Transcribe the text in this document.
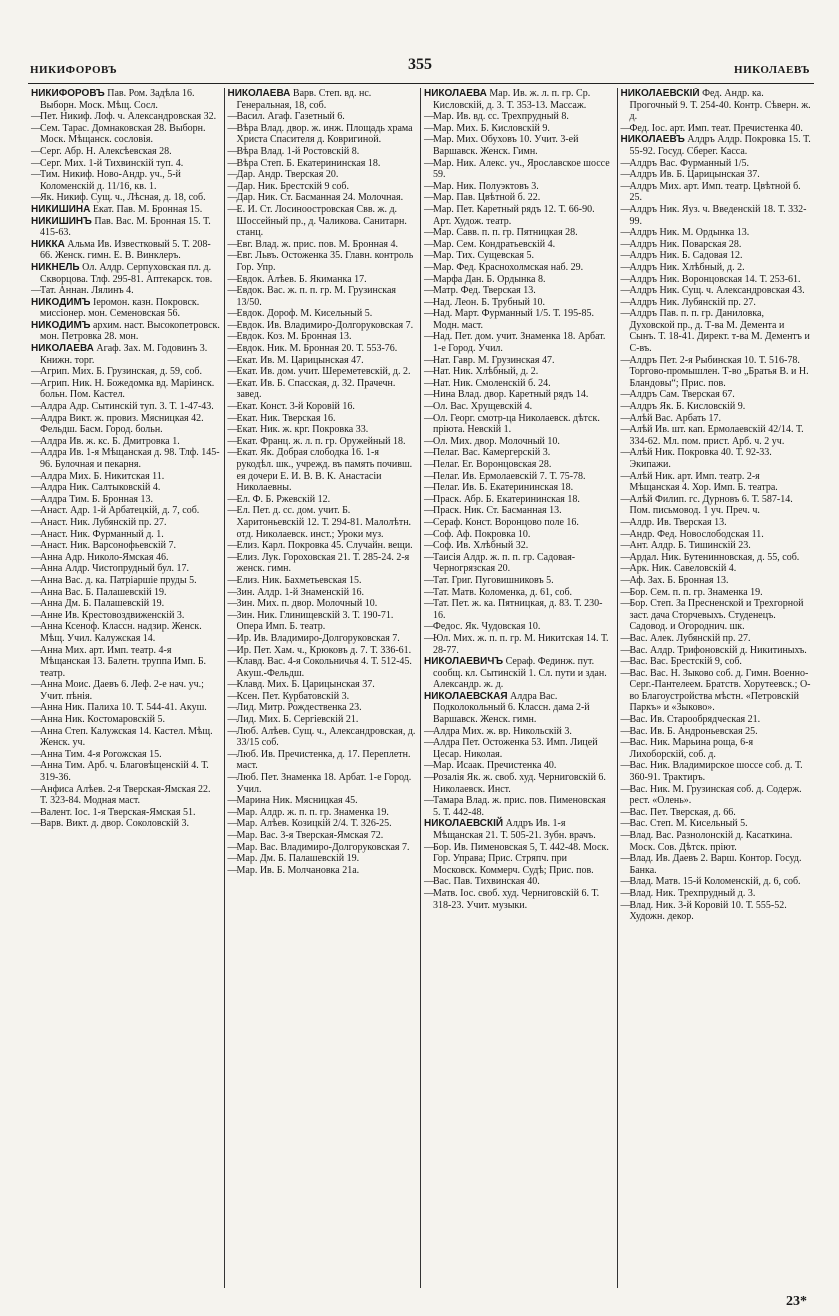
НИКИФОРОВЪ	355	НИКОЛАЕВЪ

НИКИФОРОВЪ Пав. Ром. Задѣла 16. Выборн. Моск. Мѣщ. Сосл.

—Пет. Никиф. Лоф. ч. Александровская 32.

—Сем. Тарас. Домнаковская 28. Выборн. Моск. Мѣщанск. сословія.

—Серг. Абр. Н. Алексѣевская 28.

—Серг. Мих. 1-й Тихвинскій туп. 4.

—Тим. Никиф. Ново-Андр. уч., 5-й Коломенскій д. 11/16, кв. 1.

—Як. Никиф. Сущ. ч., Лѣсная, д. 18, соб.

НИКИШИНА Екат. Пав. М. Бронная 15.

НИКИШИНЪ Пав. Вас. М. Бронная 15. Т. 415-63.

НИККА Альма Ив. Известковый 5. Т. 208-66. Женск. гимн. Е. В. Винклеръ.

НИКНЕЛЬ Ол. Алдр. Серпуховская пл. д. Скворцова. Тлф. 295-81. Аптекарск. тов.

—Тат. Аннан. Лялинъ 4.

НИКОДИМЪ Іеромон. казн. Покровск. миссіонер. мон. Семеновская 56.

НИКОДИМЪ архим. наст. Высокопетровск. мон. Петровка 28. мон.

НИКОЛАЕВА Агаф. Зах. М. Годовинъ 3. Книжн. торг.

—Агрип. Мих. Б. Грузинская, д. 59, соб.

—Агрип. Ник. Н. Божедомка вд. Маріинск. больн. Пом. Кастел.

—Алдра Адр. Сытинскій туп. 3. Т. 1-47-43.

—Алдра Викт. ж. провиз. Мясницкая 42. Фельдш. Басм. Город. больн.

—Алдра Ив. ж. кс. Б. Дмитровка 1.

—Алдра Ив. 1-я Мѣщанская д. 98. Тлф. 145-96. Булочная и пекарня.

—Алдра Мих. Б. Никитская 11.

—Алдра Ник. Салтыковскій 4.

—Алдра Тим. Б. Бронная 13.

—Анаст. Адр. 1-й Арбатецкій, д. 7, соб.

—Анаст. Ник. Лубянскій пр. 27.

—Анаст. Ник. Фурманный д. 1.

—Анаст. Ник. Варсонофьевскій 7.

—Анна Адр. Николо-Ямская 46.

—Анна Алдр. Чистопрудный бул. 17.

—Анна Вас. д. ка. Патріаршіе пруды 5.

—Анна Вас. Б. Палашевскій 19.

—Анна Дм. Б. Палашевскій 19.

—Анне Ив. Крестовоздвиженскій 3.

—Анна Ксеноф. Классн. надзир. Женск. Мѣщ. Учил. Калужская 14.

—Анна Мих. арт. Имп. театр. 4-я Мѣщанская 13. Балетн. труппа Имп. Б. театр.

—Анна Моис. Даевъ 6. Леф. 2-е нач. уч.; Учит. пѣнія.

—Анна Ник. Палиха 10. Т. 544-41. Акуш.

—Анна Ник. Костомаровскій 5.

—Анна Степ. Калужская 14. Кастел. Мѣщ. Женск. уч.

—Анна Тим. 4-я Рогожская 15.

—Анна Тим. Арб. ч. Благовѣщенскій 4. Т. 319-36.

—Анфиса Алѣев. 2-я Тверская-Ямская 22. Т. 323-84. Модная маст.

—Валент. Іос. 1-я Тверская-Ямская 51.

—Варв. Викт. д. двор. Соколовскій 3.

НИКОЛАЕВА Варв. Степ. вд. нс. Генеральная, 18, соб.

—Васил. Агаф. Газетный 6.

—Вѣра Влад. двор. ж. инж. Площадь храма Христа Спасителя д. Ковригиной.

—Вѣра Влад. 1-й Ростовскій 8.

—Вѣра Степ. Б. Екатерининская 18.

—Дар. Андр. Тверская 20.

—Дар. Ник. Брестскій 9 соб.

—Дар. Ник. Ст. Басманная 24. Молочная.

—Е. И. Ст. Лосиноостровская Свв. ж. д. Шоссейный пр., д. Чаликова. Санитарн. станц.

—Евг. Влад. ж. прис. пов. М. Бронная 4.

—Евг. Львъ. Остоженка 35. Главн. контроль Гор. Упр.

—Евдок. Алѣев. Б. Якиманка 17.

—Евдок. Вас. ж. п. п. гр. М. Грузинская 13/50.

—Евдок. Дороф. М. Кисельный 5.

—Евдок. Ив. Владимиро-Долгоруковская 7.

—Евдок. Коз. М. Бронная 13.

—Евдок. Ник. М. Бронная 20. Т. 553-76.

—Екат. Ив. М. Царицынская 47.

—Екат. Ив. дом. учит. Шереметевскій, д. 2.

—Екат. Ив. Б. Спасская, д. 32. Прачечн. завед.

—Екат. Конст. 3-й Коровій 16.

—Екат. Ник. Тверская 16.

—Екат. Ник. ж. крг. Покровка 33.

—Екат. Франц. ж. л. п. гр. Оружейный 18.

—Екат. Як. Добрая слободка 16. 1-я рукодѣл. шк., учрежд. въ память почивш. ея дочери Е. И. В. В. К. Анастасіи Николаевны.

—Ел. Ф. Б. Ржевскій 12.

—Ел. Пет. д. сс. дом. учит. Б. Харитоньевскій 12. Т. 294-81. Малолѣтн. отд. Николаевск. инст.; Уроки муз.

—Елиз. Карл. Покровка 45. Случайн. вещи.

—Елиз. Лук. Гороховская 21. Т. 285-24. 2-я женск. гимн.

—Елиз. Ник. Бахметьевская 15.

—Зин. Алдр. 1-й Знаменскій 16.

—Зин. Мих. п. двор. Молочный 10.

—Зин. Ник. Глинищевскій 3. Т. 190-71. Опера Имп. Б. театр.

—Ир. Ив. Владимиро-Долгоруковская 7.

—Ир. Пет. Хам. ч., Крюковъ д. 7. Т. 336-61.

—Клавд. Вас. 4-я Сокольничья 4. Т. 512-45. Акуш.-Фельдш.

—Клавд. Мих. Б. Царицынская 37.

—Ксен. Пет. Курбатовскій 3.

—Лид. Митр. Рождественка 23.

—Лид. Мих. Б. Сергіевскій 21.

—Люб. Алѣев. Сущ. ч., Александровская, д. 33/15 соб.

—Люб. Ив. Пречистенка, д. 17. Переплетн. маст.

—Люб. Пет. Знаменка 18. Арбат. 1-е Город. Учил.

—Марина Ник. Мясницкая 45.

—Мар. Алдр. ж. п. п. гр. Знаменка 19.

—Мар. Алѣев. Козицкій 2/4. Т. 326-25.

—Мар. Вас. 3-я Тверская-Ямская 72.

—Мар. Вас. Владимиро-Долгоруковская 7.

—Мар. Дм. Б. Палашевскій 19.

—Мар. Ив. Б. Молчановка 21а.

НИКОЛАЕВА Мар. Ив. ж. л. п. гр. Ср. Кисловскій, д. 3. Т. 353-13. Массаж.

—Мар. Ив. вд. сс. Трехпрудный 8.

—Мар. Мих. Б. Кисловскій 9.

—Мар. Мих. Обуховъ 10. Учит. 3-ей Варшавск. Женск. Гимн.

—Мар. Ник. Алекс. уч., Ярославское шоссе 59.

—Мар. Ник. Полуэктовъ 3.

—Мар. Пав. Цвѣтной б. 22.

—Мар. Пет. Каретный рядъ 12. Т. 66-90. Арт. Худож. театр.

—Мар. Савв. п. п. гр. Пятницкая 28.

—Мар. Сем. Кондратьевскій 4.

—Мар. Тих. Сущевская 5.

—Мар. Фед. Краснохолмская наб. 29.

—Марфа Дан. Б. Ордынка 8.

—Матр. Фед. Тверская 13.

—Над. Леон. Б. Трубный 10.

—Над. Март. Фурманный 1/5. Т. 195-85. Модн. маст.

—Над. Пет. дом. учит. Знаменка 18. Арбат. 1-е Город. Учил.

—Нат. Гавр. М. Грузинская 47.

—Нат. Ник. Хлѣбный, д. 2.

—Нат. Ник. Смоленскій б. 24.

—Нина Влад. двор. Каретный рядъ 14.

—Ол. Вас. Хрущевскій 4.

—Ол. Георг. смотр-ца Николаевск. дѣтск. пріюта. Невскій 1.

—Ол. Мих. двор. Молочный 10.

—Пелаг. Вас. Камергерскій 3.

—Пелаг. Ег. Воронцовская 28.

—Пелаг. Ив. Ермолаевскій 7. Т. 75-78.

—Пелаг. Ив. Б. Екатерининская 18.

—Праск. Абр. Б. Екатерининская 18.

—Праск. Ник. Ст. Басманная 13.

—Сераф. Конст. Воронцово поле 16.

—Соф. Аф. Покровка 10.

—Соф. Ив. Хлѣбный 32.

—Таисія Алдр. ж. п. п. гр. Садовая-Черногрязская 20.

—Тат. Григ. Пуговишниковъ 5.

—Тат. Матв. Коломенка, д. 61, соб.

—Тат. Пет. ж. ка. Пятницкая, д. 83. Т. 230-16.

—Федос. Як. Чудовская 10.

—Юл. Мих. ж. п. п. гр. М. Никитская 14. Т. 28-77.

НИКОЛАЕВИЧЪ Сераф. Фединж. пут. сообщ. кл. Сытинскій 1. Сл. пути и здан. Александр. ж. д.

НИКОЛАЕВСКАЯ Алдра Вас. Подколокольный 6. Классн. дама 2-й Варшавск. Женск. гимн.

—Алдра Мих. ж. вр. Никольскій 3.

—Алдра Пет. Остоженка 53. Имп. Лицей Цесар. Николая.

—Мар. Исаак. Пречистенка 40.

—Розалія Як. ж. своб. худ. Черниговскій 6. Николаевск. Инст.

—Тамара Влад. ж. прис. пов. Пименовская 5. Т. 442-48.

НИКОЛАЕВСКІЙ Алдръ Ив. 1-я Мѣщанская 21. Т. 505-21. Зубн. врачъ.

—Бор. Ив. Пименовская 5, Т. 442-48. Моск. Гор. Управа; Прис. Стряпч. при Московск. Коммерч. Судѣ; Прис. пов.

—Вас. Пав. Тихвинская 40.

—Матв. Іос. своб. худ. Черниговскій 6. Т. 318-23. Учит. музыки.

НИКОЛАЕВСКІЙ Фед. Андр. ка. Прогочный 9. Т. 254-40. Контр. Сѣверн. ж. д.

—Фед. Іос. арт. Имп. теат. Пречистенка 40.

НИКОЛАЕВЪ Алдръ Алдр. Покровка 15. Т. 55-92. Госуд. Сберег. Касса.

—Алдръ Вас. Фурманный 1/5.

—Алдръ Ив. Б. Царицынская 37.

—Алдръ Мих. арт. Имп. театр. Цвѣтной б. 25.

—Алдръ Ник. Яуз. ч. Введенскій 18. Т. 332-99.

—Алдръ Ник. М. Ордынка 13.

—Алдръ Ник. Поварская 28.

—Алдръ Ник. Б. Садовая 12.

—Алдръ Ник. Хлѣбный, д. 2.

—Алдръ Ник. Воронцовская 14. Т. 253-61.

—Алдръ Ник. Сущ. ч. Александровская 43.

—Алдръ Ник. Лубянскій пр. 27.

—Алдръ Пав. п. п. гр. Даниловка, Духовской пр., д. Т-ва М. Демента и Сынъ. Т. 18-41. Директ. т-ва М. Дементъ и С-въ.

—Алдръ Пет. 2-я Рыбинская 10. Т. 516-78. Торгово-промышлен. Т-во „Братья В. и Н. Бландовы“; Прис. пов.

—Алдръ Сам. Тверская 67.

—Алдръ Як. Б. Кисловскій 9.

—Алѣй Вас. Арбать 17.

—Алѣй Ив. шт. кап. Ермолаевскій 42/14. Т. 334-62. Мл. пом. прист. Арб. ч. 2 уч.

—Алѣй Ник. Покровка 40. Т. 92-33. Экипажи.

—Алѣй Ник. арт. Имп. театр. 2-я Мѣщанская 4. Хор. Имп. Б. театра.

—Алѣй Филип. гс. Дурновъ 6. Т. 587-14. Пом. письмовод. 1 уч. Преч. ч.

—Алдр. Ив. Тверская 13.

—Андр. Фед. Новослободская 11.

—Ант. Алдр. Б. Тишинскій 23.

—Ардал. Ник. Бутенинновская, д. 55, соб.

—Арк. Ник. Савеловскій 4.

—Аф. Зах. Б. Бронная 13.

—Бор. Сем. п. п. гр. Знаменка 19.

—Бор. Степ. За Пресненской и Трехгорной заст. дача Сторчевыхъ. Студенецъ. Садовод. и Огороднич. шк.

—Вас. Алек. Лубянскій пр. 27.

—Вас. Алдр. Трифоновскій д. Никитиныхъ.

—Вас. Вас. Брестскій 9, соб.

—Вас. Вас. Н. Зыково соб. д. Гимн. Военно-Серг.-Пантелеем. Братств. Хорутеевск.; О-во Благоустройства мѣстн. «Петровскій Паркъ» и «Зыково».

—Вас. Ив. Старообрядческая 21.

—Вас. Ив. Б. Андроньевская 25.

—Вас. Ник. Марьина роща, 6-я Лихоборскій, соб. д.

—Вас. Ник. Владимирское шоссе соб. д. Т. 360-91. Трактиръ.

—Вас. Ник. М. Грузинская соб. д. Содерж. рест. «Олень».

—Вас. Пет. Тверская, д. 66.

—Вас. Степ. М. Кисельный 5.

—Влад. Вас. Разнолонскій д. Касаткина. Моск. Сов. Дѣтск. пріют.

—Влад. Ив. Даевъ 2. Варш. Контор. Госуд. Банка.

—Влад. Матв. 15-й Коломенскій, д. 6, соб.

—Влад. Ник. Трехпрудный д. 3.

—Влад. Ник. 3-й Коровій 10. Т. 555-52. Художн. декор.

23*
